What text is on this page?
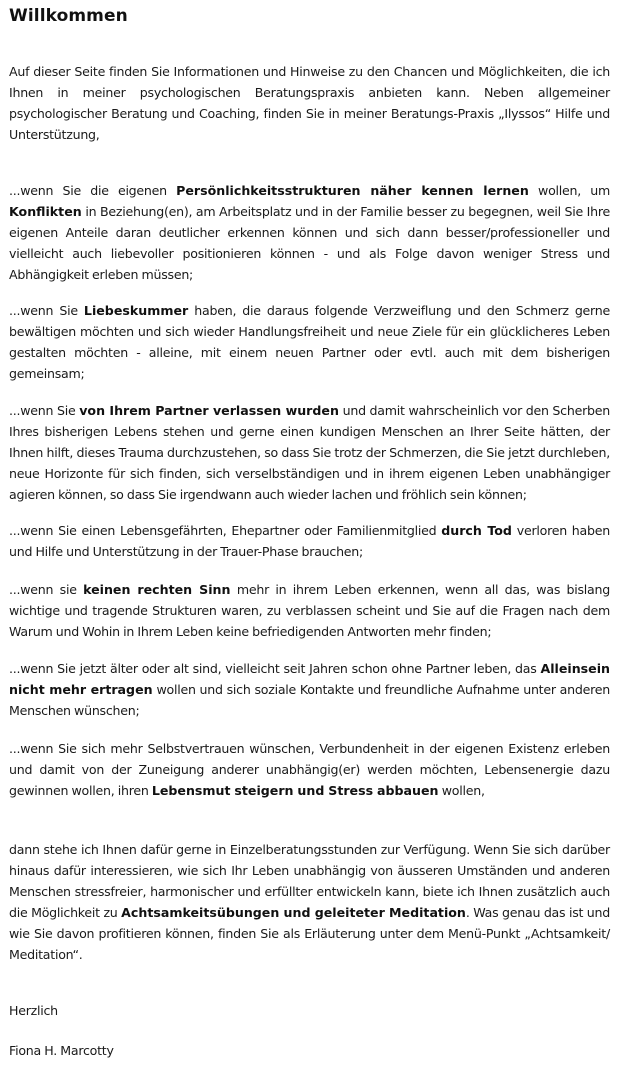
Willkommen

Auf dieser Seite finden Sie Informationen und Hinweise zu den Chancen und Möglichkeiten, die ich Ihnen in meiner psychologischen Beratungspraxis anbieten kann. Neben allgemeiner psychologischer Beratung und Coaching, finden Sie in meiner Beratungs-Praxis „Ilyssos“ Hilfe und Unterstützung,

...wenn Sie die eigenen Persönlichkeitsstrukturen näher kennen lernen wollen, um Konflikten in Beziehung(en), am Arbeitsplatz und in der Familie besser zu begegnen, weil Sie Ihre eigenen Anteile daran deutlicher erkennen können und sich dann besser/professioneller und vielleicht auch liebevoller positionieren können - und als Folge davon weniger Stress und Abhängigkeit erleben müssen;

...wenn Sie Liebeskummer haben, die daraus folgende Verzweiflung und den Schmerz gerne bewältigen möchten und sich wieder Handlungsfreiheit und neue Ziele für ein glücklicheres Leben gestalten möchten - alleine, mit einem neuen Partner oder evtl. auch mit dem bisherigen gemeinsam;

...wenn Sie von Ihrem Partner verlassen wurden und damit wahrscheinlich vor den Scherben Ihres bisherigen Lebens stehen und gerne einen kundigen Menschen an Ihrer Seite hätten, der Ihnen hilft, dieses Trauma durchzustehen, so dass Sie trotz der Schmerzen, die Sie jetzt durchleben, neue Horizonte für sich finden, sich verselbständigen und in ihrem eigenen Leben unabhängiger agieren können, so dass Sie irgendwann auch wieder lachen und fröhlich sein können;

...wenn Sie einen Lebensgefährten, Ehepartner oder Familienmitglied durch Tod verloren haben und Hilfe und Unterstützung in der Trauer-Phase brauchen;

...wenn sie keinen rechten Sinn mehr in ihrem Leben erkennen, wenn all das, was bislang wichtige und tragende Strukturen waren, zu verblassen scheint und Sie auf die Fragen nach dem Warum und Wohin in Ihrem Leben keine befriedigenden Antworten mehr finden;

...wenn Sie jetzt älter oder alt sind, vielleicht seit Jahren schon ohne Partner leben, das Alleinsein nicht mehr ertragen wollen und sich soziale Kontakte und freundliche Aufnahme unter anderen Menschen wünschen;

...wenn Sie sich mehr Selbstvertrauen wünschen, Verbundenheit in der eigenen Existenz erleben und damit von der Zuneigung anderer unabhängig(er) werden möchten, Lebensenergie dazu gewinnen wollen, ihren Lebensmut steigern und Stress abbauen wollen,

dann stehe ich Ihnen dafür gerne in Einzelberatungsstunden zur Verfügung. Wenn Sie sich darüber hinaus dafür interessieren, wie sich Ihr Leben unabhängig von äusseren Umständen und anderen Menschen stressfreier, harmonischer und erfüllter entwickeln kann, biete ich Ihnen zusätzlich auch die Möglichkeit zu Achtsamkeitsübungen und geleiteter Meditation. Was genau das ist und wie Sie davon profitieren können, finden Sie als Erläuterung unter dem Menü-Punkt „Achtsamkeit/ Meditation“.

Herzlich

Fiona H. Marcotty
